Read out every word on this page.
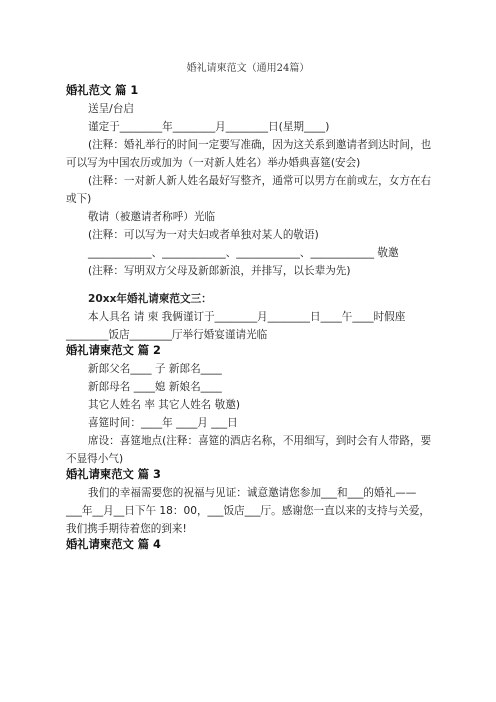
婚礼请柬范文（通用24篇）
婚礼范文 篇 1
送呈/台启
谨定于________年________月________日(星期____)
(注释：婚礼举行的时间一定要写准确，因为这关系到邀请者到达时间，也可以写为中国农历或加为（一对新人姓名）举办婚典喜筵(安会)
(注释：一对新人新人姓名最好写整齐，通常可以男方在前或左，女方在右或下)
敬请（被邀请者称呼）光临
(注释：可以写为一对夫妇或者单独对某人的敬语)
____________、____________、____________、____________ 敬邀
(注释：写明双方父母及新郎新浪，并排写，以长辈为先)
20xx年婚礼请柬范文三：
本人具名 请 柬 我俩谨订于________月________日____午____时假座________饭店________厅举行婚宴谨请光临
婚礼请柬范文 篇 2
新郎父名____ 子 新郎名____
新郎母名 ____媳 新娘名____
其它人姓名 率 其它人姓名 敬邀)
喜筵时间：____年 ____月 ___日
席设：喜筵地点(注释：喜筵的酒店名称，不用细写，到时会有人带路，要不显得小气)
婚礼请柬范文 篇 3
我们的幸福需要您的祝福与见证：诚意邀请您参加___和___的婚礼——___年__月__日下午 18：00，___饭店___厅。感谢您一直以来的支持与关爱，我们携手期待着您的到来!
婚礼请柬范文 篇 4
